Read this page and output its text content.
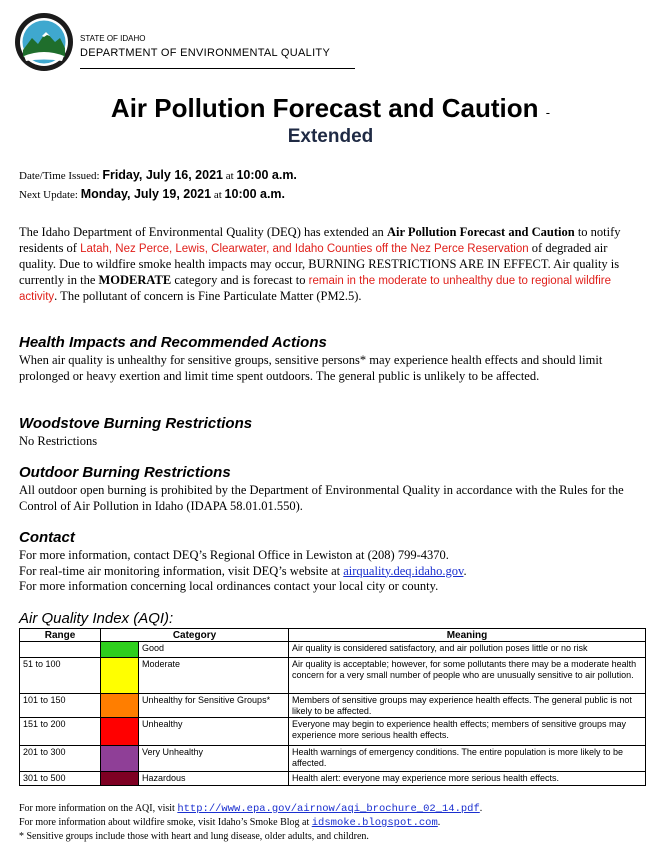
STATE OF IDAHO
DEPARTMENT OF ENVIRONMENTAL QUALITY
Air Pollution Forecast and Caution -
Extended
Date/Time Issued: Friday, July 16, 2021 at 10:00 a.m.
Next Update: Monday, July 19, 2021 at 10:00 a.m.
The Idaho Department of Environmental Quality (DEQ) has extended an Air Pollution Forecast and Caution to notify residents of Latah, Nez Perce, Lewis, Clearwater, and Idaho Counties off the Nez Perce Reservation of degraded air quality. Due to wildfire smoke health impacts may occur, BURNING RESTRICTIONS ARE IN EFFECT. Air quality is currently in the MODERATE category and is forecast to remain in the moderate to unhealthy due to regional wildfire activity. The pollutant of concern is Fine Particulate Matter (PM2.5).
Health Impacts and Recommended Actions
When air quality is unhealthy for sensitive groups, sensitive persons* may experience health effects and should limit prolonged or heavy exertion and limit time spent outdoors. The general public is unlikely to be affected.
Woodstove Burning Restrictions
No Restrictions
Outdoor Burning Restrictions
All outdoor open burning is prohibited by the Department of Environmental Quality in accordance with the Rules for the Control of Air Pollution in Idaho (IDAPA 58.01.01.550).
Contact
For more information, contact DEQ’s Regional Office in Lewiston at (208) 799-4370.
For real-time air monitoring information, visit DEQ’s website at airquality.deq.idaho.gov.
For more information concerning local ordinances contact your local city or county.
Air Quality Index (AQI):
Range	Category		Meaning
		Good	Air quality is considered satisfactory, and air pollution poses little or no risk
51 to 100		Moderate	Air quality is acceptable; however, for some pollutants there may be a moderate health concern for a very small number of people who are unusually sensitive to air pollution.
101 to 150		Unhealthy for Sensitive Groups*	Members of sensitive groups may experience health effects. The general public is not likely to be affected.
151 to 200		Unhealthy	Everyone may begin to experience health effects; members of sensitive groups may experience more serious health effects.
201 to 300		Very Unhealthy	Health warnings of emergency conditions. The entire population is more likely to be affected.
301 to 500		Hazardous	Health alert: everyone may experience more serious health effects.
For more information on the AQI, visit http://www.epa.gov/airnow/aqi_brochure_02_14.pdf.
For more information about wildfire smoke, visit Idaho’s Smoke Blog at idsmoke.blogspot.com.
* Sensitive groups include those with heart and lung disease, older adults, and children.
